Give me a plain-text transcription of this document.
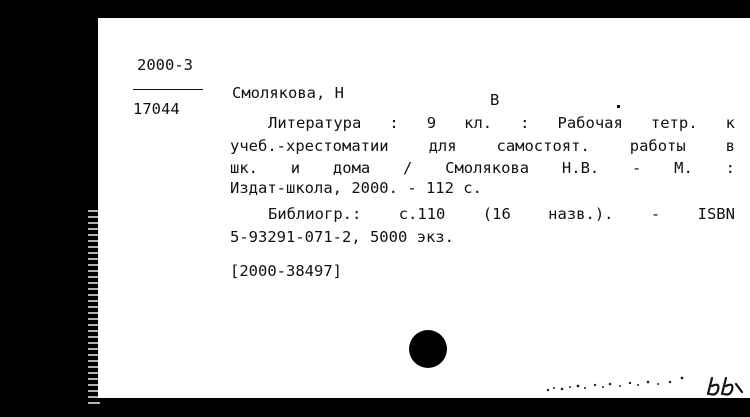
2000-3
17044
Смолякова, Н	В
Литература : 9 кл. : Рабочая тетр. к
учеб.-хрестоматии	для	самостоят.	работы	в
шк. и дома / Смолякова Н.В. - М. :
Издат-школа, 2000. - 112 с.
Библиогр.: с.110 (16 назв.). - ISBN
5-93291-071-2, 5000 экз.
[2000-38497]
